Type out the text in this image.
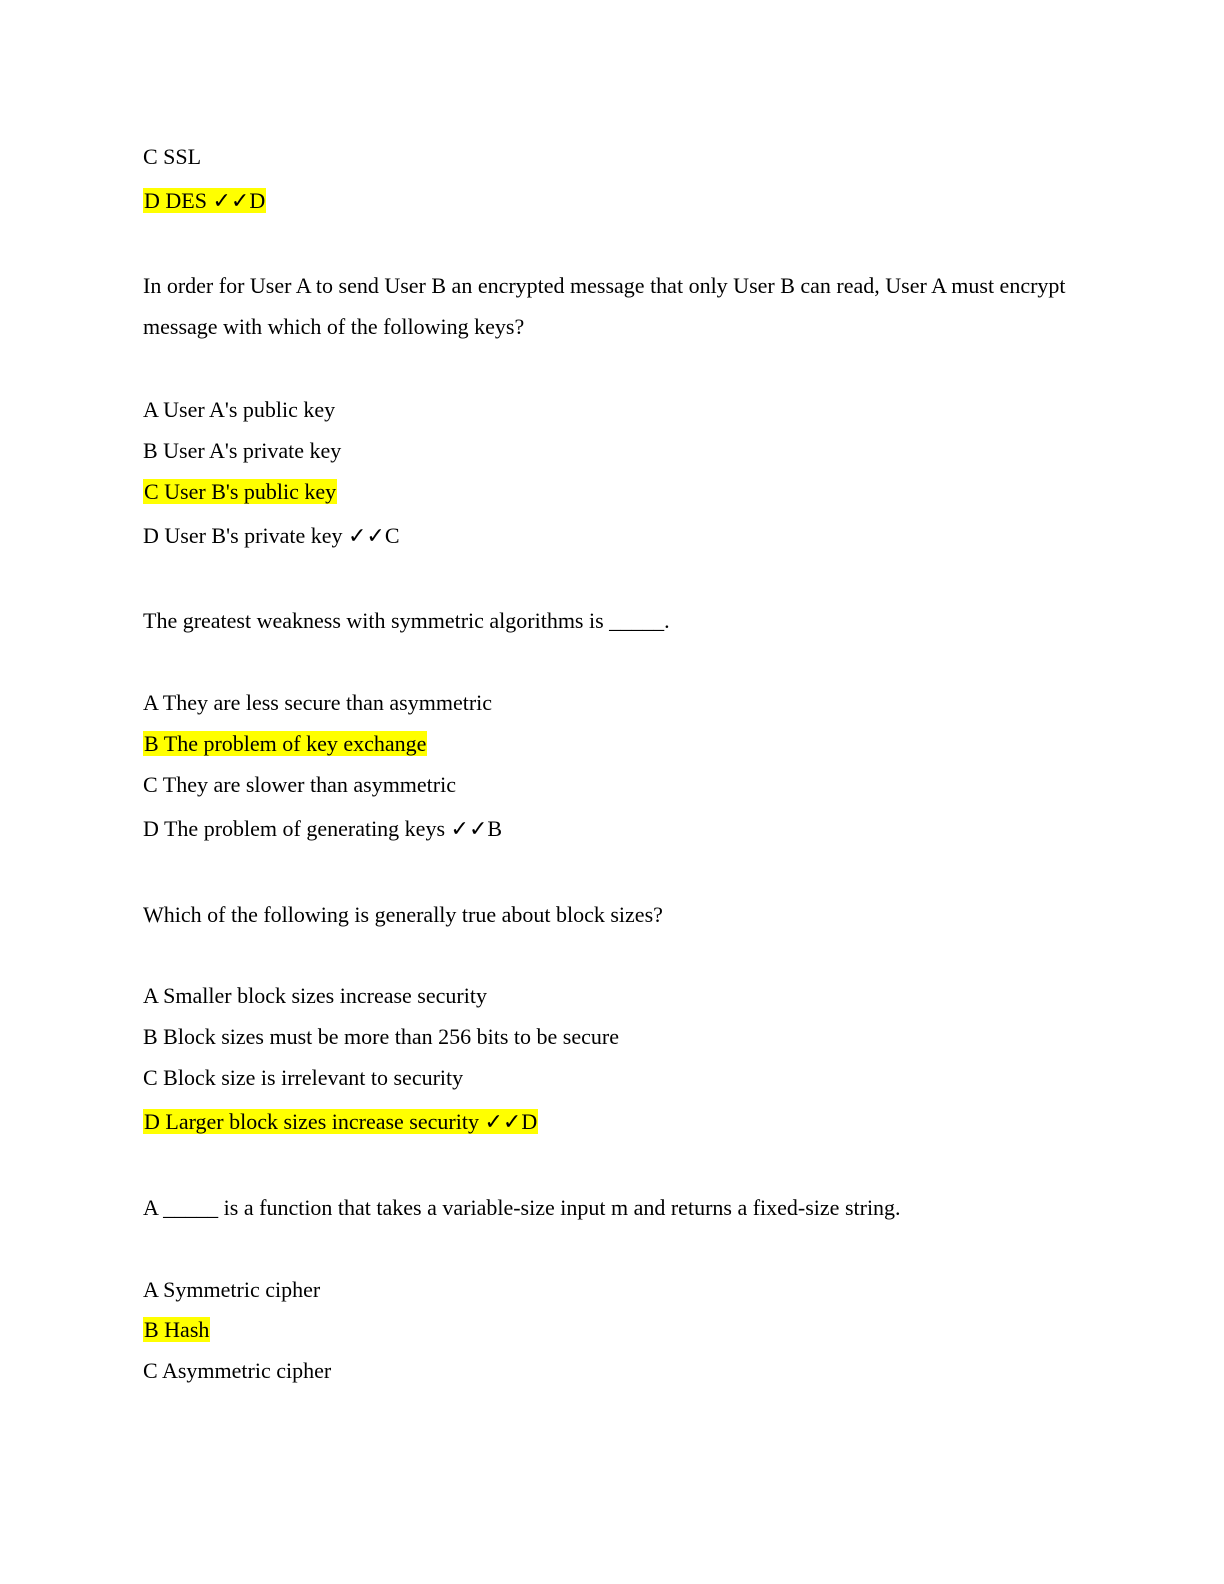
C SSL

D DES ✓✓D

In order for User A to send User B an encrypted message that only User B can read, User A must encrypt message with which of the following keys?

A User A's public key

B User A's private key

C User B's public key

D User B's private key ✓✓C

The greatest weakness with symmetric algorithms is _____.

A They are less secure than asymmetric

B The problem of key exchange

C They are slower than asymmetric

D The problem of generating keys ✓✓B

Which of the following is generally true about block sizes?

A Smaller block sizes increase security

B Block sizes must be more than 256 bits to be secure

C Block size is irrelevant to security

D Larger block sizes increase security ✓✓D

A _____ is a function that takes a variable-size input m and returns a fixed-size string.

A Symmetric cipher

B Hash

C Asymmetric cipher
